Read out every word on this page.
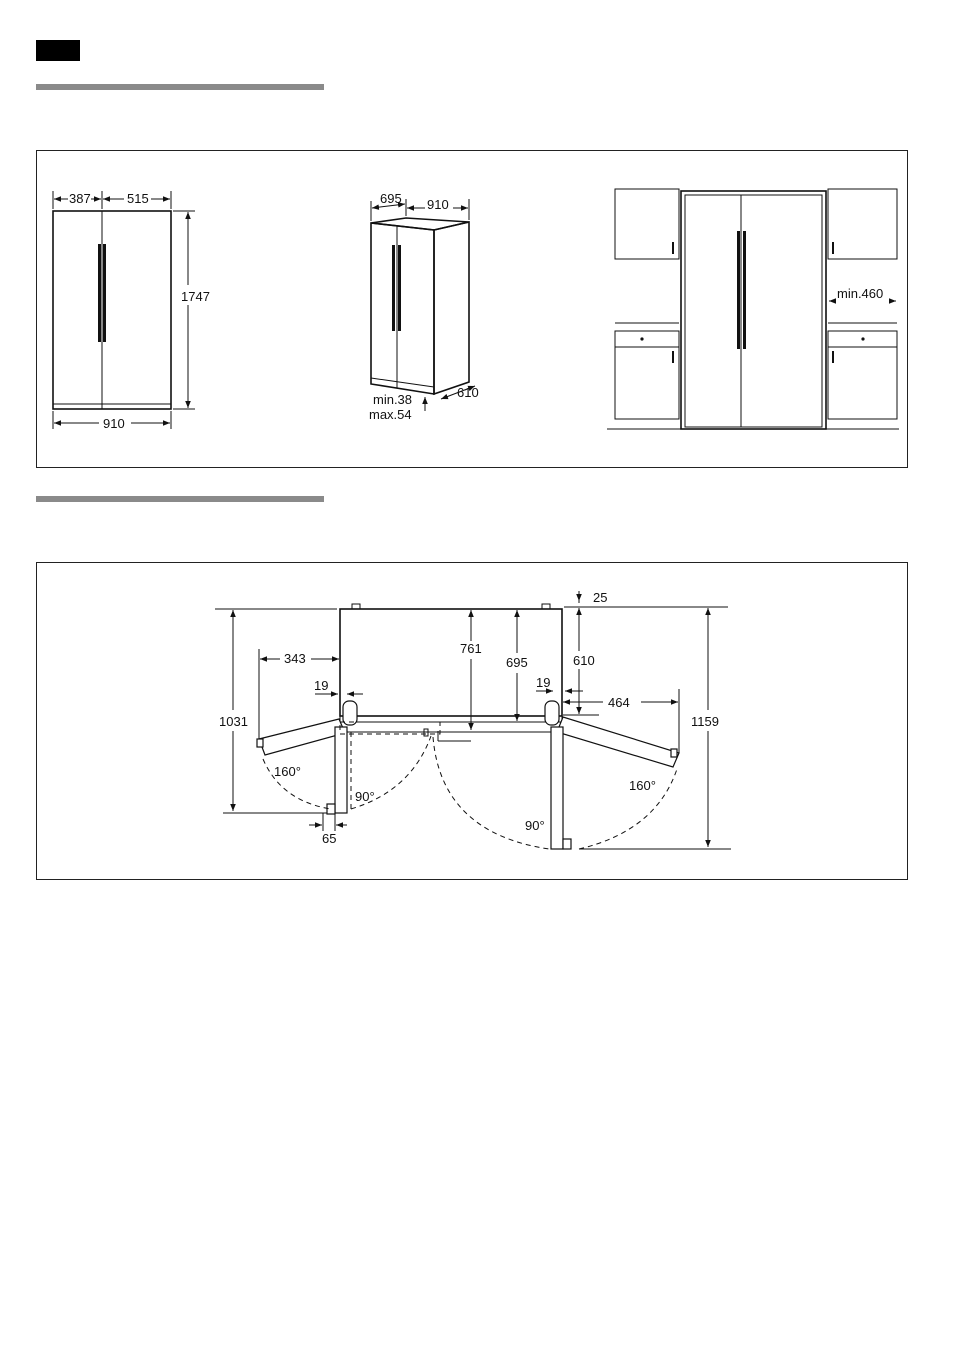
387	515
1747
910
695 910
610
min.38
max.54
min.460
25
1031	1159
343
464
19	19
761
695	610
160°
90°
90°
160°
65
